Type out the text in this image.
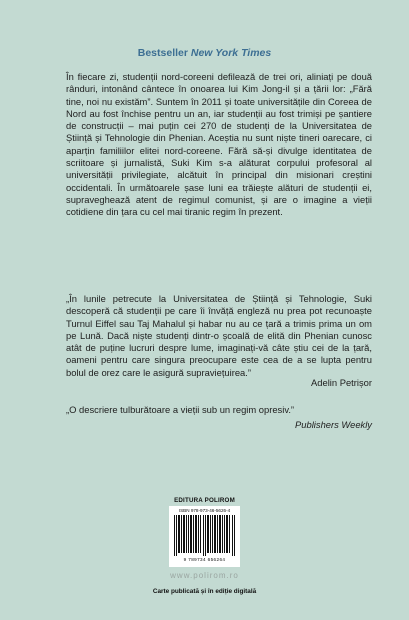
Bestseller New York Times
În fiecare zi, studenții nord-coreeni defilează de trei ori, aliniați pe două rânduri, intonând cântece în onoarea lui Kim Jong-il și a țării lor: „Fără tine, noi nu existăm”. Suntem în 2011 și toate universitățile din Coreea de Nord au fost închise pentru un an, iar studenții au fost trimiși pe șantiere de construcții – mai puțin cei 270 de studenți de la Universitatea de Știință și Tehnologie din Phenian. Aceștia nu sunt niște tineri oarecare, ci aparțin familiilor elitei nord-coreene. Fără să-și divulge identitatea de scriitoare și jurnalistă, Suki Kim s-a alăturat corpului profesoral al universității privilegiate, alcătuit în principal din misionari creștini occidentali. În următoarele șase luni ea trăiește alături de studenții ei, supraveghează atent de regimul comunist, și are o imagine a vieții cotidiene din țara cu cel mai tiranic regim în prezent.
„În lunile petrecute la Universitatea de Știință și Tehnologie, Suki descoperă că studenții pe care îi învăță engleză nu prea pot recunoaște Turnul Eiffel sau Taj Mahalul și habar nu au ce țară a trimis prima un om pe Lună. Dacă niște studenți dintr-o școală de elită din Phenian cunosc atât de puține lucruri despre lume, imaginați-vă câte știu cei de la țară, oameni pentru care singura preocupare este cea de a se lupta pentru bolul de orez care le asigură supraviețuirea.”
Adelin Petrișor
„O descriere tulburătoare a vieții sub un regim opresiv.”
Publishers Weekly
EDITURA POLIROM
ISBN 978-973-46-5626-4
9 789734 656264
www.polirom.ro
Carte publicată și în ediție digitală
